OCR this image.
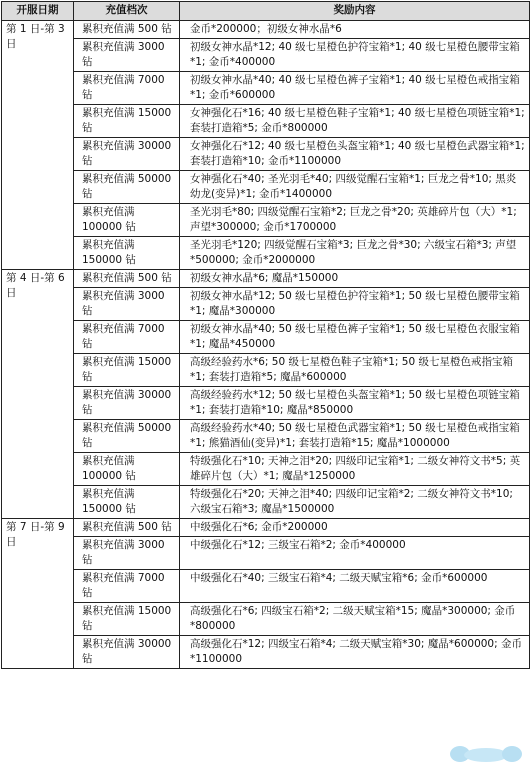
开服日期	充值档次	奖励内容
第 1 日-第 3 日	累积充值满 500 钻	金币*200000；初级女神水晶*6
	累积充值满 3000 钻	初级女神水晶*12; 40 级七星橙色护符宝箱*1; 40 级七星橙色腰带宝箱*1; 金币*400000
	累积充值满 7000 钻	初级女神水晶*40; 40 级七星橙色裤子宝箱*1; 40 级七星橙色戒指宝箱*1; 金币*600000
	累积充值满 15000 钻	女神强化石*16; 40 级七星橙色鞋子宝箱*1; 40 级七星橙色项链宝箱*1; 套装打造箱*5; 金币*800000
	累积充值满 30000 钻	女神强化石*12; 40 级七星橙色头盔宝箱*1; 40 级七星橙色武器宝箱*1; 套装打造箱*10; 金币*1100000
	累积充值满 50000 钻	女神强化石*40; 圣光羽毛*40; 四级觉醒石宝箱*1; 巨龙之骨*10; 黑炎幼龙(变异)*1; 金币*1400000
	累积充值满 100000 钻	圣光羽毛*80; 四级觉醒石宝箱*2; 巨龙之骨*20; 英雄碎片包（大）*1; 声望*300000; 金币*1700000
	累积充值满 150000 钻	圣光羽毛*120; 四级觉醒石宝箱*3; 巨龙之骨*30; 六级宝石箱*3; 声望*500000; 金币*2000000
第 4 日-第 6 日	累积充值满 500 钻	初级女神水晶*6; 魔晶*150000
	累积充值满 3000 钻	初级女神水晶*12; 50 级七星橙色护符宝箱*1; 50 级七星橙色腰带宝箱*1; 魔晶*300000
	累积充值满 7000 钻	初级女神水晶*40; 50 级七星橙色裤子宝箱*1; 50 级七星橙色衣服宝箱*1; 魔晶*450000
	累积充值满 15000 钻	高级经验药水*6; 50 级七星橙色鞋子宝箱*1; 50 级七星橙色戒指宝箱*1; 套装打造箱*5; 魔晶*600000
	累积充值满 30000 钻	高级经验药水*12; 50 级七星橙色头盔宝箱*1; 50 级七星橙色项链宝箱*1; 套装打造箱*10; 魔晶*850000
	累积充值满 50000 钻	高级经验药水*40; 50 级七星橙色武器宝箱*1; 50 级七星橙色戒指宝箱*1; 熊猫酒仙(变异)*1; 套装打造箱*15; 魔晶*1000000
	累积充值满 100000 钻	特级强化石*10; 天神之泪*20; 四级印记宝箱*1; 二级女神符文书*5; 英雄碎片包（大）*1; 魔晶*1250000
	累积充值满 150000 钻	特级强化石*20; 天神之泪*40; 四级印记宝箱*2; 二级女神符文书*10; 六级宝石箱*3; 魔晶*1500000
第 7 日-第 9 日	累积充值满 500 钻	中级强化石*6; 金币*200000
	累积充值满 3000 钻	中级强化石*12; 三级宝石箱*2; 金币*400000
	累积充值满 7000 钻	中级强化石*40; 三级宝石箱*4; 二级天赋宝箱*6; 金币*600000
	累积充值满 15000 钻	高级强化石*6; 四级宝石箱*2; 二级天赋宝箱*15; 魔晶*300000; 金币*800000
	累积充值满 30000 钻	高级强化石*12; 四级宝石箱*4; 二级天赋宝箱*30; 魔晶*600000; 金币*1100000
